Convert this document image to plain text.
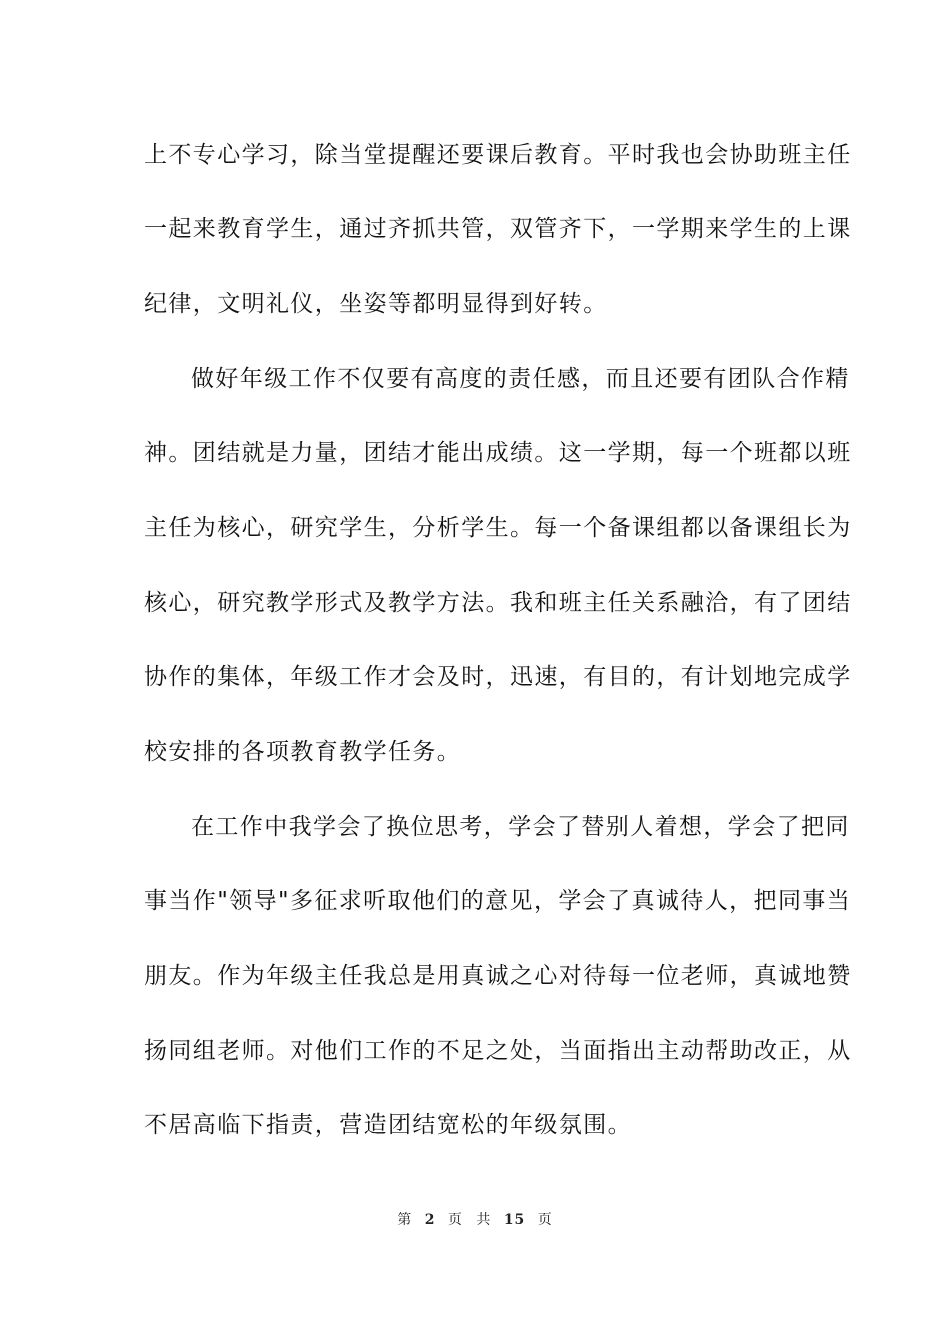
上不专心学习，除当堂提醒还要课后教育。平时我也会协助班主任
一起来教育学生，通过齐抓共管，双管齐下，一学期来学生的上课
纪律，文明礼仪，坐姿等都明显得到好转。
做好年级工作不仅要有高度的责任感，而且还要有团队合作精
神。团结就是力量，团结才能出成绩。这一学期，每一个班都以班
主任为核心，研究学生，分析学生。每一个备课组都以备课组长为
核心，研究教学形式及教学方法。我和班主任关系融洽，有了团结
协作的集体，年级工作才会及时，迅速，有目的，有计划地完成学
校安排的各项教育教学任务。
在工作中我学会了换位思考，学会了替别人着想，学会了把同
事当作"领导"多征求听取他们的意见，学会了真诚待人，把同事当
朋友。作为年级主任我总是用真诚之心对待每一位老师，真诚地赞
扬同组老师。对他们工作的不足之处，当面指出主动帮助改正，从
不居高临下指责，营造团结宽松的年级氛围。
第 2 页 共 15 页
